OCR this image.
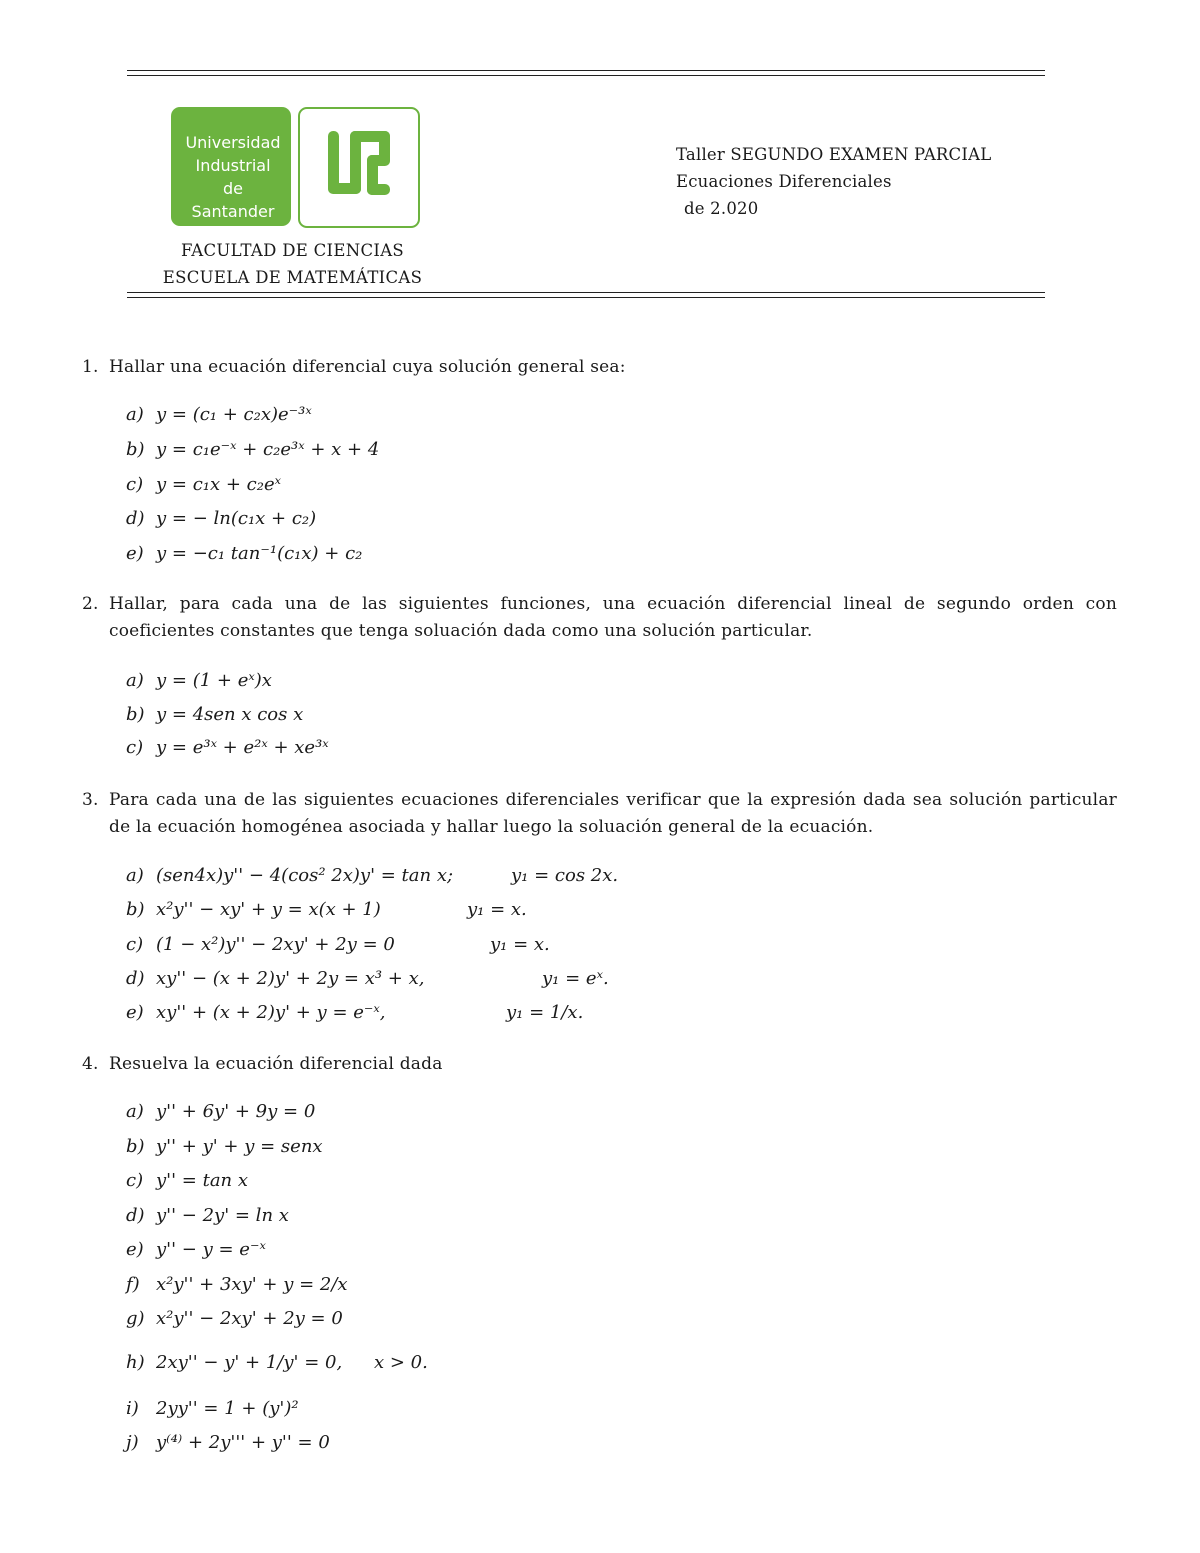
Universidad
Industrial de
Santander
FACULTAD DE CIENCIAS
ESCUELA DE MATEMÁTICAS
Taller SEGUNDO EXAMEN PARCIAL
Ecuaciones Diferenciales
de 2.020
1. Hallar una ecuación diferencial cuya solución general sea:
a) y = (c₁ + c₂x)e⁻³ˣ
b) y = c₁e⁻ˣ + c₂e³ˣ + x + 4
c) y = c₁x + c₂eˣ
d) y = − ln(c₁x + c₂)
e) y = −c₁ tan⁻¹(c₁x) + c₂
2. Hallar, para cada una de las siguientes funciones, una ecuación diferencial lineal de segundo orden con coeficientes constantes que tenga soluación dada como una solución particular.
a) y = (1 + eˣ)x
b) y = 4sen x cos x
c) y = e³ˣ + e²ˣ + xe³ˣ
3. Para cada una de las siguientes ecuaciones diferenciales verificar que la expresión dada sea solución particular de la ecuación homogénea asociada y hallar luego la soluación general de la ecuación.
a) (sen4x)y'' − 4(cos² 2x)y' = tan x;	y₁ = cos 2x.
b) x²y'' − xy' + y = x(x + 1)	y₁ = x.
c) (1 − x²)y'' − 2xy' + 2y = 0	y₁ = x.
d) xy'' − (x + 2)y' + 2y = x³ + x,	y₁ = eˣ.
e) xy'' + (x + 2)y' + y = e⁻ˣ,	y₁ = 1/x.
4. Resuelva la ecuación diferencial dada
a) y'' + 6y' + 9y = 0
b) y'' + y' + y = senx
c) y'' = tan x
d) y'' − 2y' = ln x
e) y'' − y = e⁻ˣ
f) x²y'' + 3xy' + y = 2/x
g) x²y'' − 2xy' + 2y = 0
h) 2xy'' − y' + 1/y' = 0, x > 0.
i) 2yy'' = 1 + (y')²
j) y⁽⁴⁾ + 2y''' + y'' = 0
